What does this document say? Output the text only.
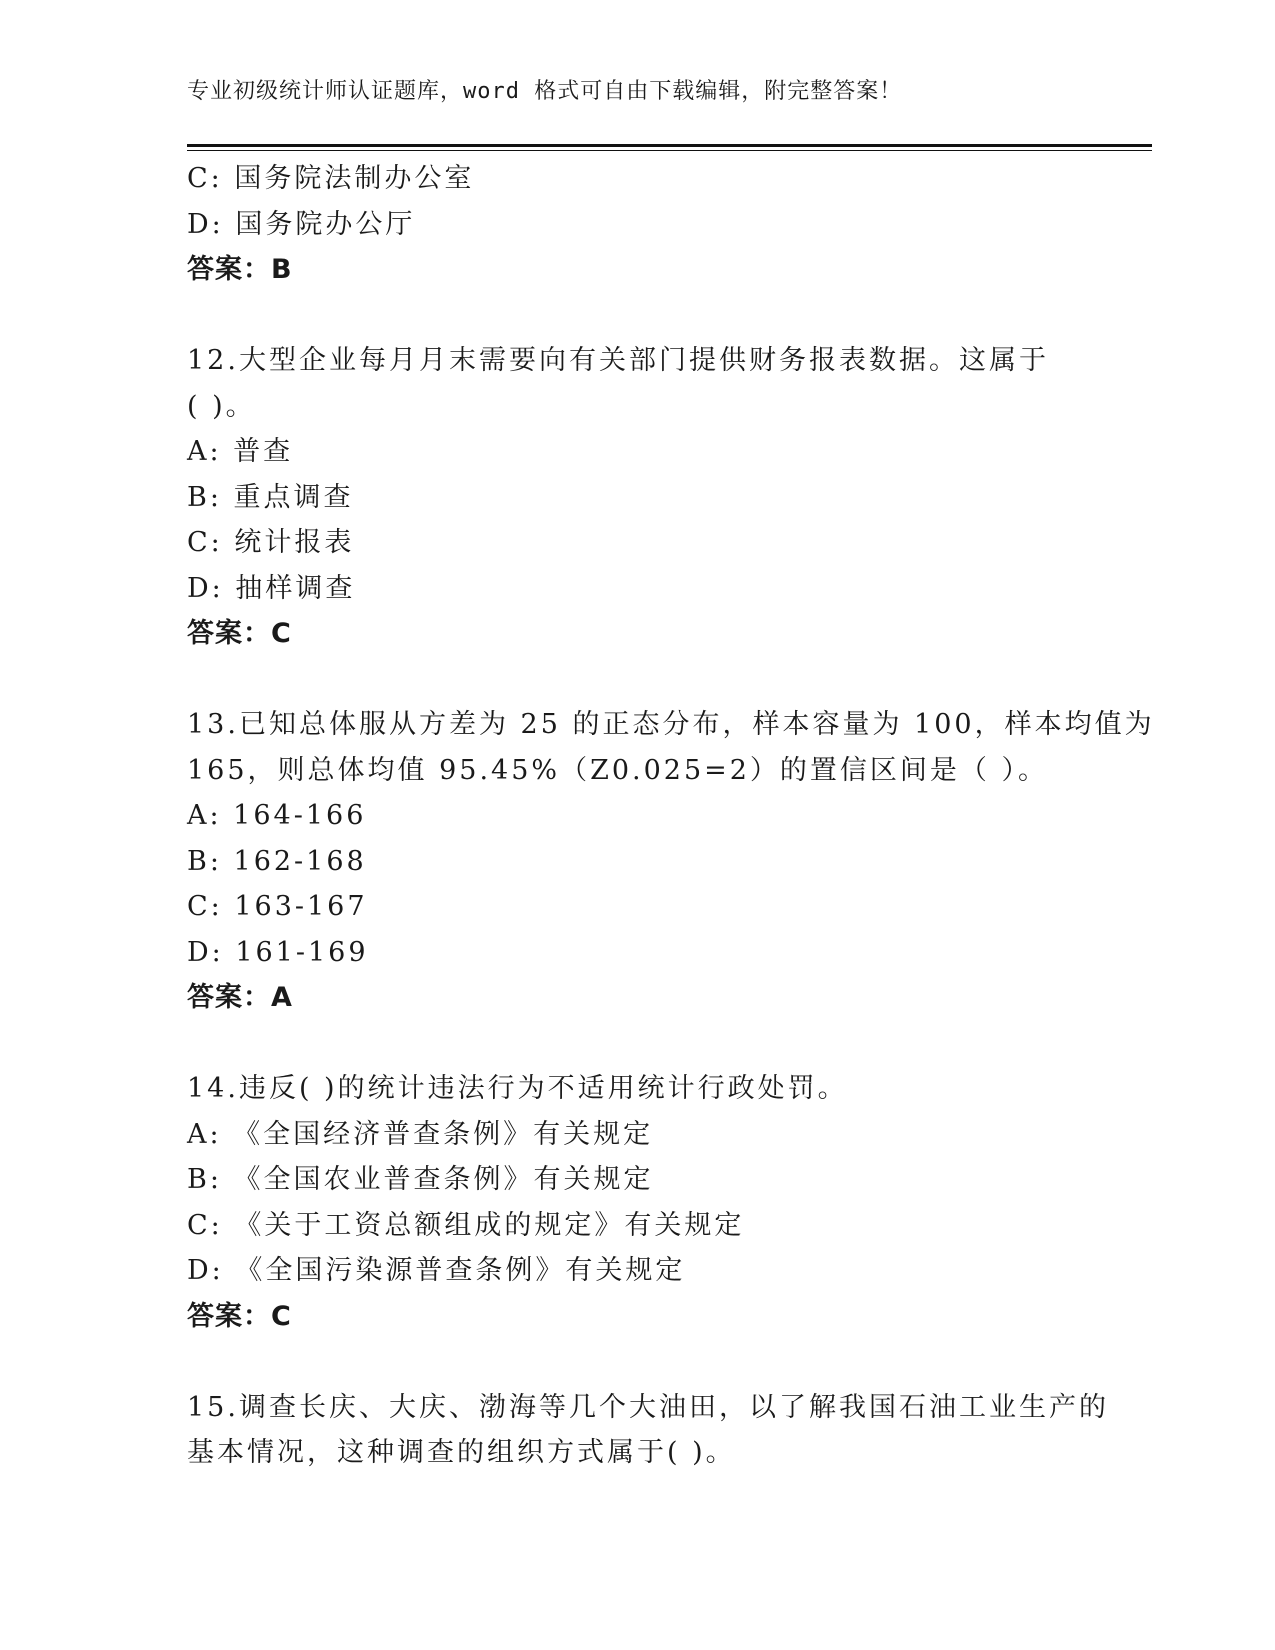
专业初级统计师认证题库，word 格式可自由下载编辑，附完整答案！
C: 国务院法制办公室
D: 国务院办公厅
答案：B
12.大型企业每月月末需要向有关部门提供财务报表数据。这属于
( )。
A: 普查
B: 重点调查
C: 统计报表
D: 抽样调查
答案：C
13.已知总体服从方差为 25 的正态分布，样本容量为 100，样本均值为
165，则总体均值 95.45%（Z0.025=2）的置信区间是（ ）。
A: 164-166
B: 162-168
C: 163-167
D: 161-169
答案：A
14.违反( )的统计违法行为不适用统计行政处罚。
A: 《全国经济普查条例》有关规定
B: 《全国农业普查条例》有关规定
C: 《关于工资总额组成的规定》有关规定
D: 《全国污染源普查条例》有关规定
答案：C
15.调查长庆、大庆、渤海等几个大油田，以了解我国石油工业生产的
基本情况，这种调查的组织方式属于( )。
